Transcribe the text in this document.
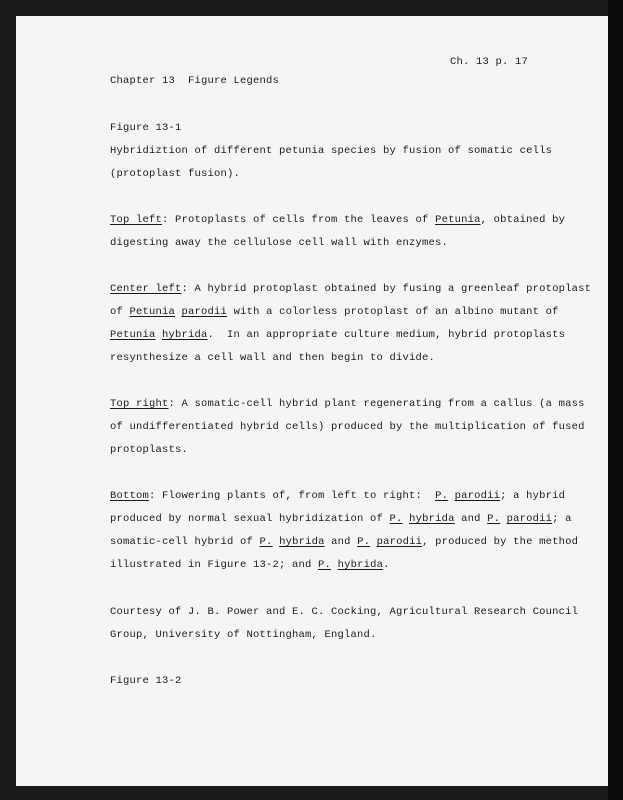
Ch. 13 p. 17
Chapter 13  Figure Legends
Figure 13-1
Hybridiztion of different petunia species by fusion of somatic cells
(protoplast fusion).
Top left: Protoplasts of cells from the leaves of Petunia, obtained by
digesting away the cellulose cell wall with enzymes.
Center left: A hybrid protoplast obtained by fusing a greenleaf protoplast
of Petunia parodii with a colorless protoplast of an albino mutant of
Petunia hybrida.  In an appropriate culture medium, hybrid protoplasts
resynthesize a cell wall and then begin to divide.
Top right: A somatic-cell hybrid plant regenerating from a callus (a mass
of undifferentiated hybrid cells) produced by the multiplication of fused
protoplasts.
Bottom: Flowering plants of, from left to right:  P. parodii; a hybrid
produced by normal sexual hybridization of P. hybrida and P. parodii; a
somatic-cell hybrid of P. hybrida and P. parodii, produced by the method
illustrated in Figure 13-2; and P. hybrida.
Courtesy of J. B. Power and E. C. Cocking, Agricultural Research Council
Group, University of Nottingham, England.
Figure 13-2
